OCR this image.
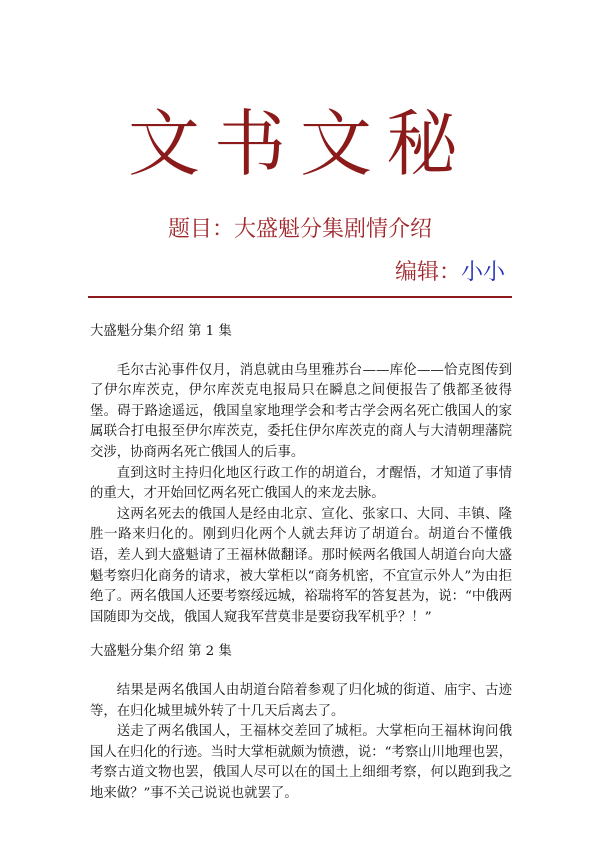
文书文秘
题目：大盛魁分集剧情介绍
编辑：小小
大盛魁分集介绍 第 1 集

毛尔古沁事件仅月，消息就由乌里雅苏台——库伦——恰克图传到了伊尔库茨克，伊尔库茨克电报局只在瞬息之间便报告了俄都圣彼得堡。碍于路途遥远，俄国皇家地理学会和考古学会两名死亡俄国人的家属联合打电报至伊尔库茨克，委托住伊尔库茨克的商人与大清朝理藩院交涉，协商两名死亡俄国人的后事。

直到这时主持归化地区行政工作的胡道台，才醒悟，才知道了事情的重大，才开始回忆两名死亡俄国人的来龙去脉。

这两名死去的俄国人是经由北京、宣化、张家口、大同、丰镇、隆胜一路来归化的。刚到归化两个人就去拜访了胡道台。胡道台不懂俄语，差人到大盛魁请了王福林做翻译。那时候两名俄国人胡道台向大盛魁考察归化商务的请求，被大掌柜以“商务机密，不宜宣示外人”为由拒绝了。两名俄国人还要考察绥远城，裕瑞将军的答复甚为，说：“中俄两国随即为交战，俄国人窥我军营莫非是要窃我军机乎？！”

大盛魁分集介绍 第 2 集

结果是两名俄国人由胡道台陪着参观了归化城的街道、庙宇、古迹等，在归化城里城外转了十几天后离去了。

送走了两名俄国人，王福林交差回了城柜。大掌柜向王福林询问俄国人在归化的行迹。当时大掌柜就颇为愤懑，说：“考察山川地理也罢，考察古道文物也罢，俄国人尽可以在的国土上细细考察，何以跑到我之地来做？”事不关己说说也就罢了。
